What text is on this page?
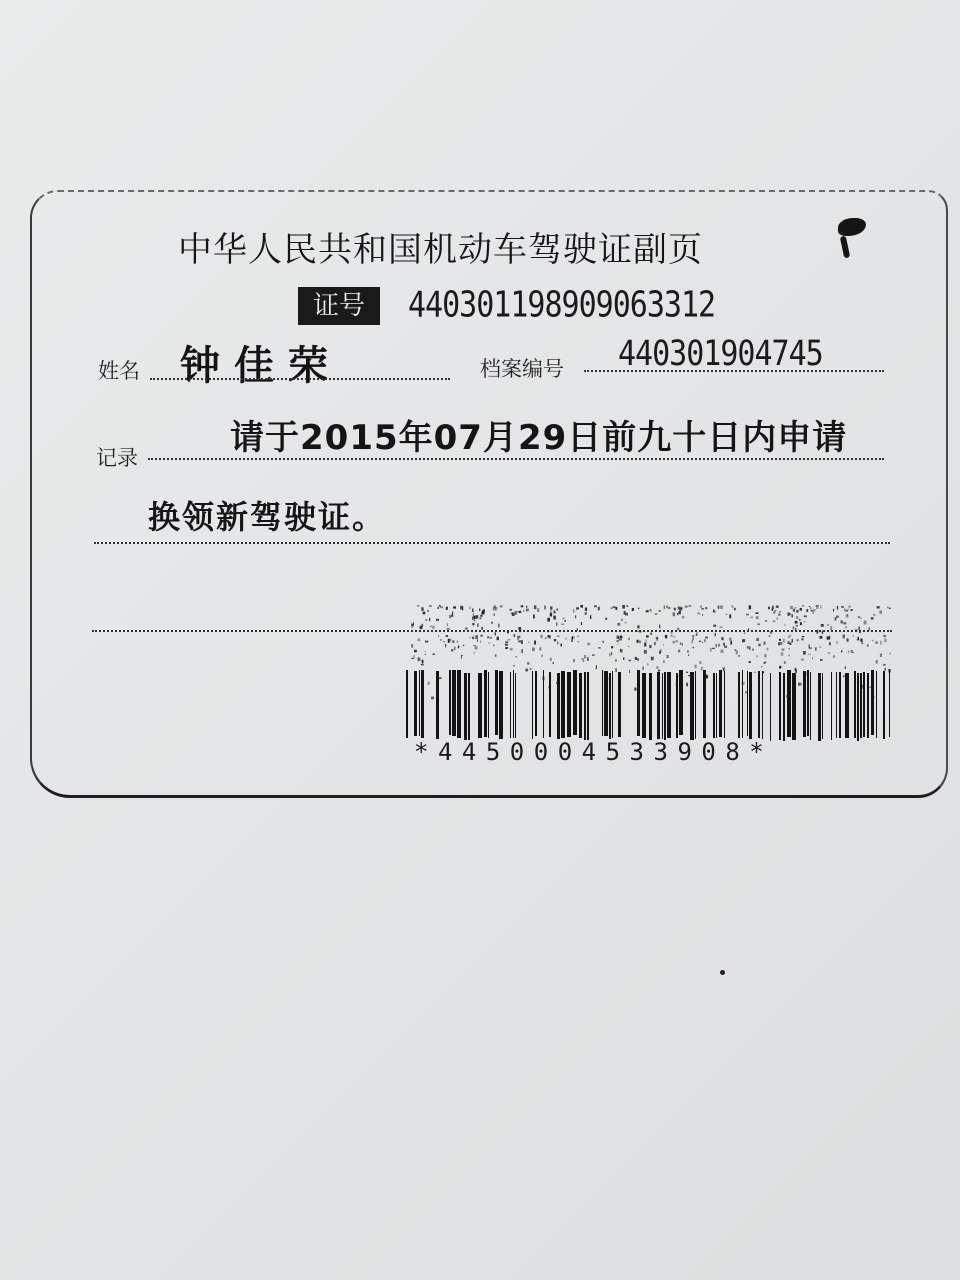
中华人民共和国机动车驾驶证副页
证号	440301198909063312
姓名 钟佳荣	档案编号 440301904745
记录	请于2015年07月29日前九十日内申请
换领新驾驶证。
*4450004533908*
